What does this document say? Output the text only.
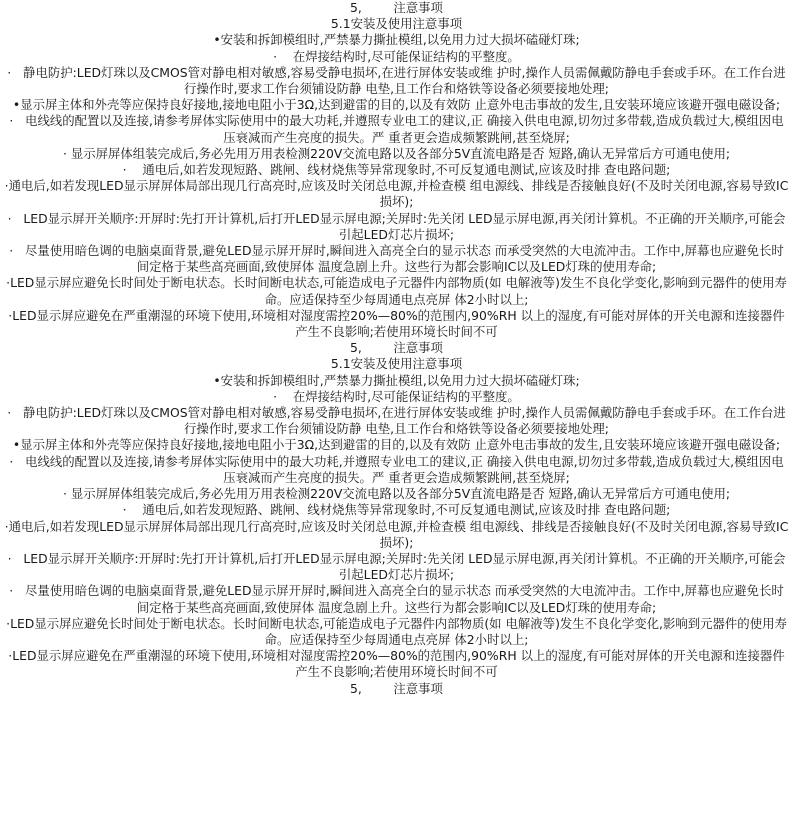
5,        注意事项
5.1安装及使用注意事项
•安装和拆卸模组时,严禁暴力撕扯模组,以免用力过大损坏磕碰灯珠;
·    在焊接结构时,尽可能保证结构的平整度。
·   静电防护:LED灯珠以及CMOS管对静电相对敏感,容易受静电损坏,在进行屏体安装或维 护时,操作人员需佩戴防静电手套或手环。在工作台进行操作时,要求工作台须铺设防静 电垫,且工作台和烙铁等设备必须要接地处理;
•显示屏主体和外壳等应保持良好接地,接地电阻小于3Ω,达到避雷的目的,以及有效防 止意外电击事故的发生,且安装环境应该避开强电磁设备;
·   电线线的配置以及连接,请参考屏体实际使用中的最大功耗,并遵照专业电工的建议,正 确接入供电电源,切勿过多带载,造成负载过大,模组因电压衰减而产生亮度的损失。严 重者更会造成频繁跳闸,甚至烧屏;
· 显示屏屏体组装完成后,务必先用万用表检测220V交流电路以及各部分5V直流电路是否 短路,确认无异常后方可通电使用;
·    通电后,如若发现短路、跳闸、线材烧焦等异常现象时,不可反复通电测试,应该及时排 查电路问题;
·通电后,如若发现LED显示屏屏体局部出现几行高亮时,应该及时关闭总电源,并检查模 组电源线、排线是否接触良好(不及时关闭电源,容易导致IC损坏);
·   LED显示屏开关顺序:开屏时:先打开计算机,后打开LED显示屏电源;关屏时:先关闭 LED显示屏电源,再关闭计算机。不正确的开关顺序,可能会引起LED灯芯片损坏;
·   尽量使用暗色调的电脑桌面背景,避免LED显示屏开屏时,瞬间进入高亮全白的显示状态 而承受突然的大电流冲击。工作中,屏幕也应避免长时间定格于某些高亮画面,致使屏体 温度急剧上升。这些行为都会影响IC以及LED灯珠的使用寿命;
·LED显示屏应避免长时间处于断电状态。长时间断电状态,可能造成电子元器件内部物质(如 电解液等)发生不良化学变化,影响到元器件的使用寿命。应适保持至少每周通电点亮屏 体2小时以上;
·LED显示屏应避免在严重潮湿的环境下使用,环境相对湿度需控20%—80%的范围内,90%RH 以上的湿度,有可能对屏体的开关电源和连接器件产生不良影响;若使用环境长时间不可
5,        注意事项
5.1安装及使用注意事项
•安装和拆卸模组时,严禁暴力撕扯模组,以免用力过大损坏磕碰灯珠;
·    在焊接结构时,尽可能保证结构的平整度。
·   静电防护:LED灯珠以及CMOS管对静电相对敏感,容易受静电损坏,在进行屏体安装或维 护时,操作人员需佩戴防静电手套或手环。在工作台进行操作时,要求工作台须铺设防静 电垫,且工作台和烙铁等设备必须要接地处理;
•显示屏主体和外壳等应保持良好接地,接地电阻小于3Ω,达到避雷的目的,以及有效防 止意外电击事故的发生,且安装环境应该避开强电磁设备;
·   电线线的配置以及连接,请参考屏体实际使用中的最大功耗,并遵照专业电工的建议,正 确接入供电电源,切勿过多带载,造成负载过大,模组因电压衰减而产生亮度的损失。严 重者更会造成频繁跳闸,甚至烧屏;
· 显示屏屏体组装完成后,务必先用万用表检测220V交流电路以及各部分5V直流电路是否 短路,确认无异常后方可通电使用;
·    通电后,如若发现短路、跳闸、线材烧焦等异常现象时,不可反复通电测试,应该及时排 查电路问题;
·通电后,如若发现LED显示屏屏体局部出现几行高亮时,应该及时关闭总电源,并检查模 组电源线、排线是否接触良好(不及时关闭电源,容易导致IC损坏);
·   LED显示屏开关顺序:开屏时:先打开计算机,后打开LED显示屏电源;关屏时:先关闭 LED显示屏电源,再关闭计算机。不正确的开关顺序,可能会引起LED灯芯片损坏;
·   尽量使用暗色调的电脑桌面背景,避免LED显示屏开屏时,瞬间进入高亮全白的显示状态 而承受突然的大电流冲击。工作中,屏幕也应避免长时间定格于某些高亮画面,致使屏体 温度急剧上升。这些行为都会影响IC以及LED灯珠的使用寿命;
·LED显示屏应避免长时间处于断电状态。长时间断电状态,可能造成电子元器件内部物质(如 电解液等)发生不良化学变化,影响到元器件的使用寿命。应适保持至少每周通电点亮屏 体2小时以上;
·LED显示屏应避免在严重潮湿的环境下使用,环境相对湿度需控20%—80%的范围内,90%RH 以上的湿度,有可能对屏体的开关电源和连接器件产生不良影响;若使用环境长时间不可
5,        注意事项
